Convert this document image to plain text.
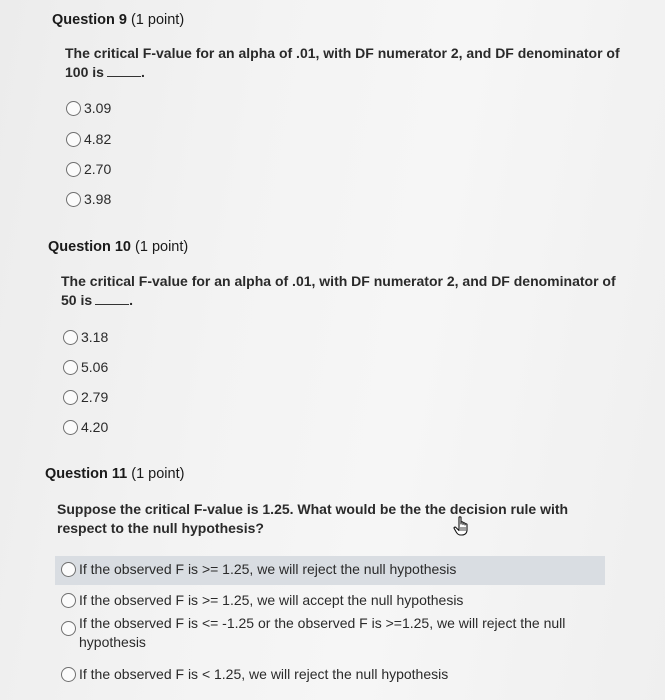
Question 9 (1 point)
The critical F-value for an alpha of .01, with DF numerator 2, and DF denominator of 100 is	.
3.09
4.82
2.70
3.98
Question 10 (1 point)
The critical F-value for an alpha of .01, with DF numerator 2, and DF denominator of 50 is	.
3.18
5.06
2.79
4.20
Question 11 (1 point)
Suppose the critical F-value is 1.25. What would be the the decision rule with respect to the null hypothesis?
If the observed F is >= 1.25, we will reject the null hypothesis
If the observed F is >= 1.25, we will accept the null hypothesis
If the observed F is <= -1.25 or the observed F is >=1.25, we will reject the null hypothesis
If the observed F is < 1.25, we will reject the null hypothesis
